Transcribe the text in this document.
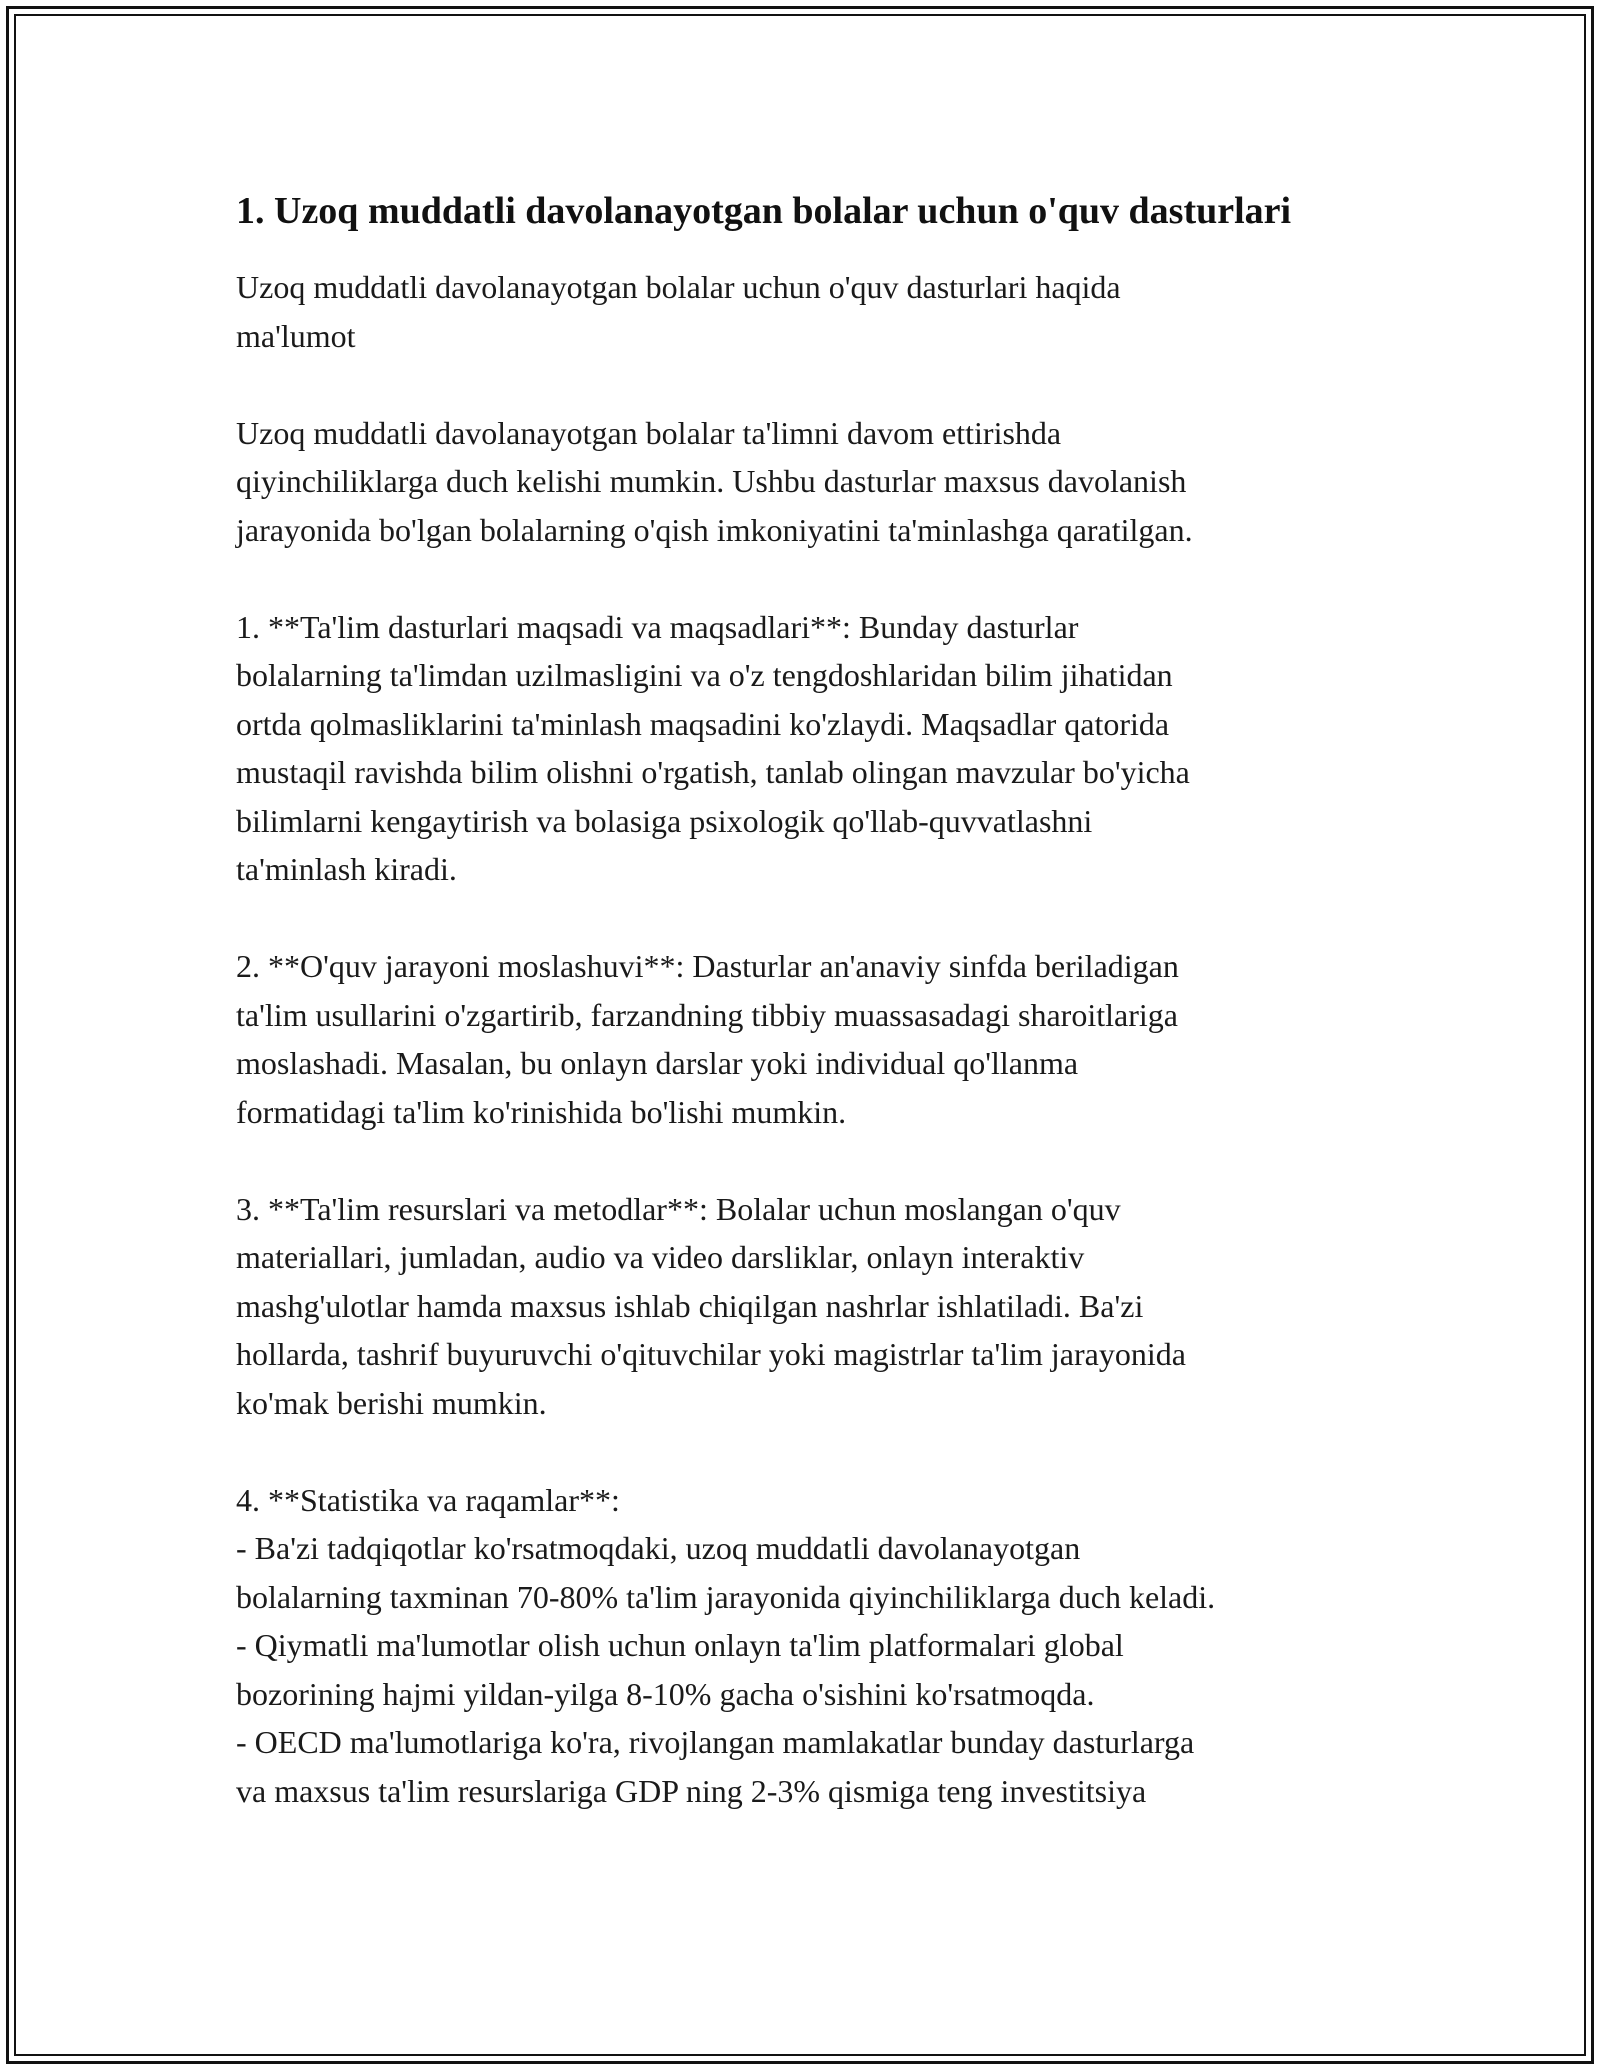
1. Uzoq muddatli davolanayotgan bolalar uchun o'quv dasturlari

Uzoq muddatli davolanayotgan bolalar uchun o'quv dasturlari haqida
ma'lumot

Uzoq muddatli davolanayotgan bolalar ta'limni davom ettirishda
qiyinchiliklarga duch kelishi mumkin. Ushbu dasturlar maxsus davolanish
jarayonida bo'lgan bolalarning o'qish imkoniyatini ta'minlashga qaratilgan.

1. **Ta'lim dasturlari maqsadi va maqsadlari**: Bunday dasturlar
bolalarning ta'limdan uzilmasligini va o'z tengdoshlaridan bilim jihatidan
ortda qolmasliklarini ta'minlash maqsadini ko'zlaydi. Maqsadlar qatorida
mustaqil ravishda bilim olishni o'rgatish, tanlab olingan mavzular bo'yicha
bilimlarni kengaytirish va bolasiga psixologik qo'llab-quvvatlashni
ta'minlash kiradi.

2. **O'quv jarayoni moslashuvi**: Dasturlar an'anaviy sinfda beriladigan
ta'lim usullarini o'zgartirib, farzandning tibbiy muassasadagi sharoitlariga
moslashadi. Masalan, bu onlayn darslar yoki individual qo'llanma
formatidagi ta'lim ko'rinishida bo'lishi mumkin.

3. **Ta'lim resurslari va metodlar**: Bolalar uchun moslangan o'quv
materiallari, jumladan, audio va video darsliklar, onlayn interaktiv
mashg'ulotlar hamda maxsus ishlab chiqilgan nashrlar ishlatiladi. Ba'zi
hollarda, tashrif buyuruvchi o'qituvchilar yoki magistrlar ta'lim jarayonida
ko'mak berishi mumkin.

4. **Statistika va raqamlar**:
- Ba'zi tadqiqotlar ko'rsatmoqdaki, uzoq muddatli davolanayotgan
bolalarning taxminan 70-80% ta'lim jarayonida qiyinchiliklarga duch keladi.
- Qiymatli ma'lumotlar olish uchun onlayn ta'lim platformalari global
bozorining hajmi yildan-yilga 8-10% gacha o'sishini ko'rsatmoqda.
- OECD ma'lumotlariga ko'ra, rivojlangan mamlakatlar bunday dasturlarga
va maxsus ta'lim resurslariga GDP ning 2-3% qismiga teng investitsiya
